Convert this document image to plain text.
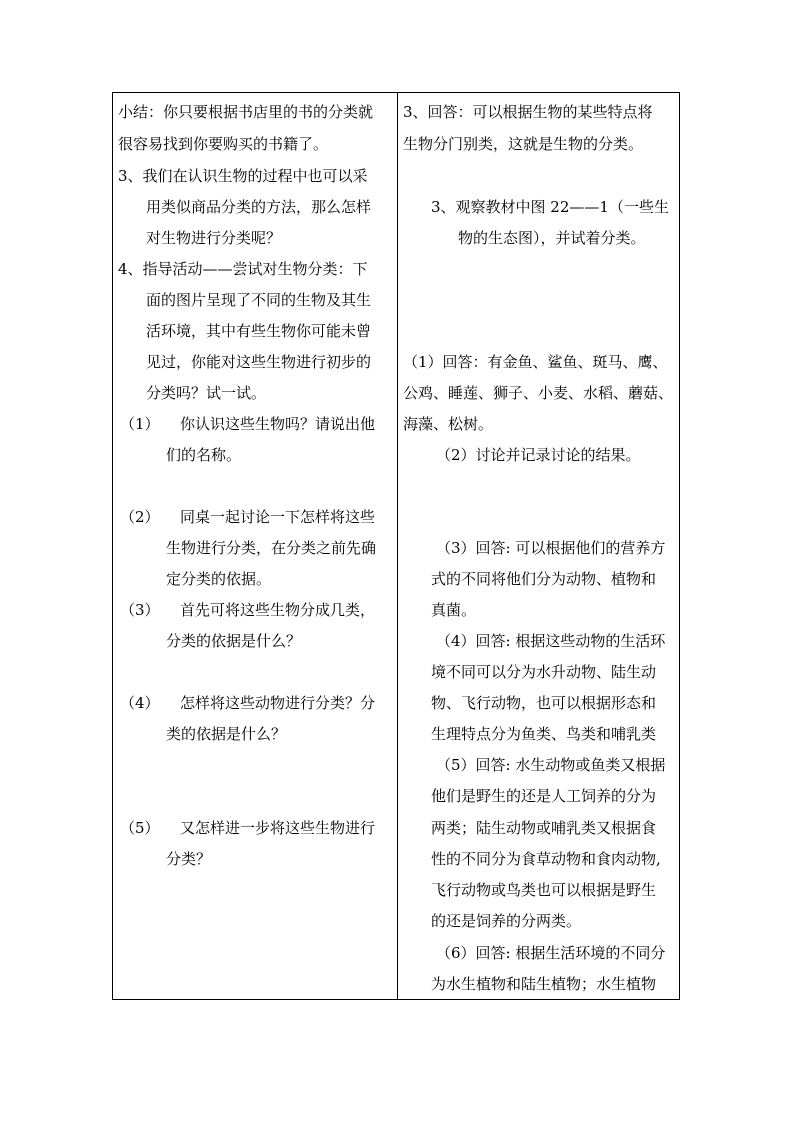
小结：你只要根据书店里的书的分类就
很容易找到你要购买的书籍了。
3、我们在认识生物的过程中也可以采
用类似商品分类的方法，那么怎样
对生物进行分类呢？
4、指导活动——尝试对生物分类：下
面的图片呈现了不同的生物及其生
活环境，其中有些生物你可能未曾
见过，你能对这些生物进行初步的
分类吗？试一试。
（1） 你认识这些生物吗？请说出他
们的名称。
（2） 同桌一起讨论一下怎样将这些
生物进行分类，在分类之前先确
定分类的依据。
（3） 首先可将这些生物分成几类，
分类的依据是什么？
（4） 怎样将这些动物进行分类？分
类的依据是什么？
（5） 又怎样进一步将这些生物进行
分类？
3、回答：可以根据生物的某些特点将
生物分门别类，这就是生物的分类。
3、观察教材中图 22——1（一些生
物的生态图），并试着分类。
（1）回答：有金鱼、鲨鱼、斑马、鹰、
公鸡、睡莲、狮子、小麦、水稻、蘑菇、
海藻、松树。
（2）讨论并记录讨论的结果。
（3）回答: 可以根据他们的营养方
式的不同将他们分为动物、植物和
真菌。
（4）回答: 根据这些动物的生活环
境不同可以分为水升动物、陆生动
物、飞行动物，也可以根据形态和
生理特点分为鱼类、鸟类和哺乳类
（5）回答: 水生动物或鱼类又根据
他们是野生的还是人工饲养的分为
两类；陆生动物或哺乳类又根据食
性的不同分为食草动物和食肉动物,
飞行动物或鸟类也可以根据是野生
的还是饲养的分两类。
（6）回答: 根据生活环境的不同分
为水生植物和陆生植物；水生植物
